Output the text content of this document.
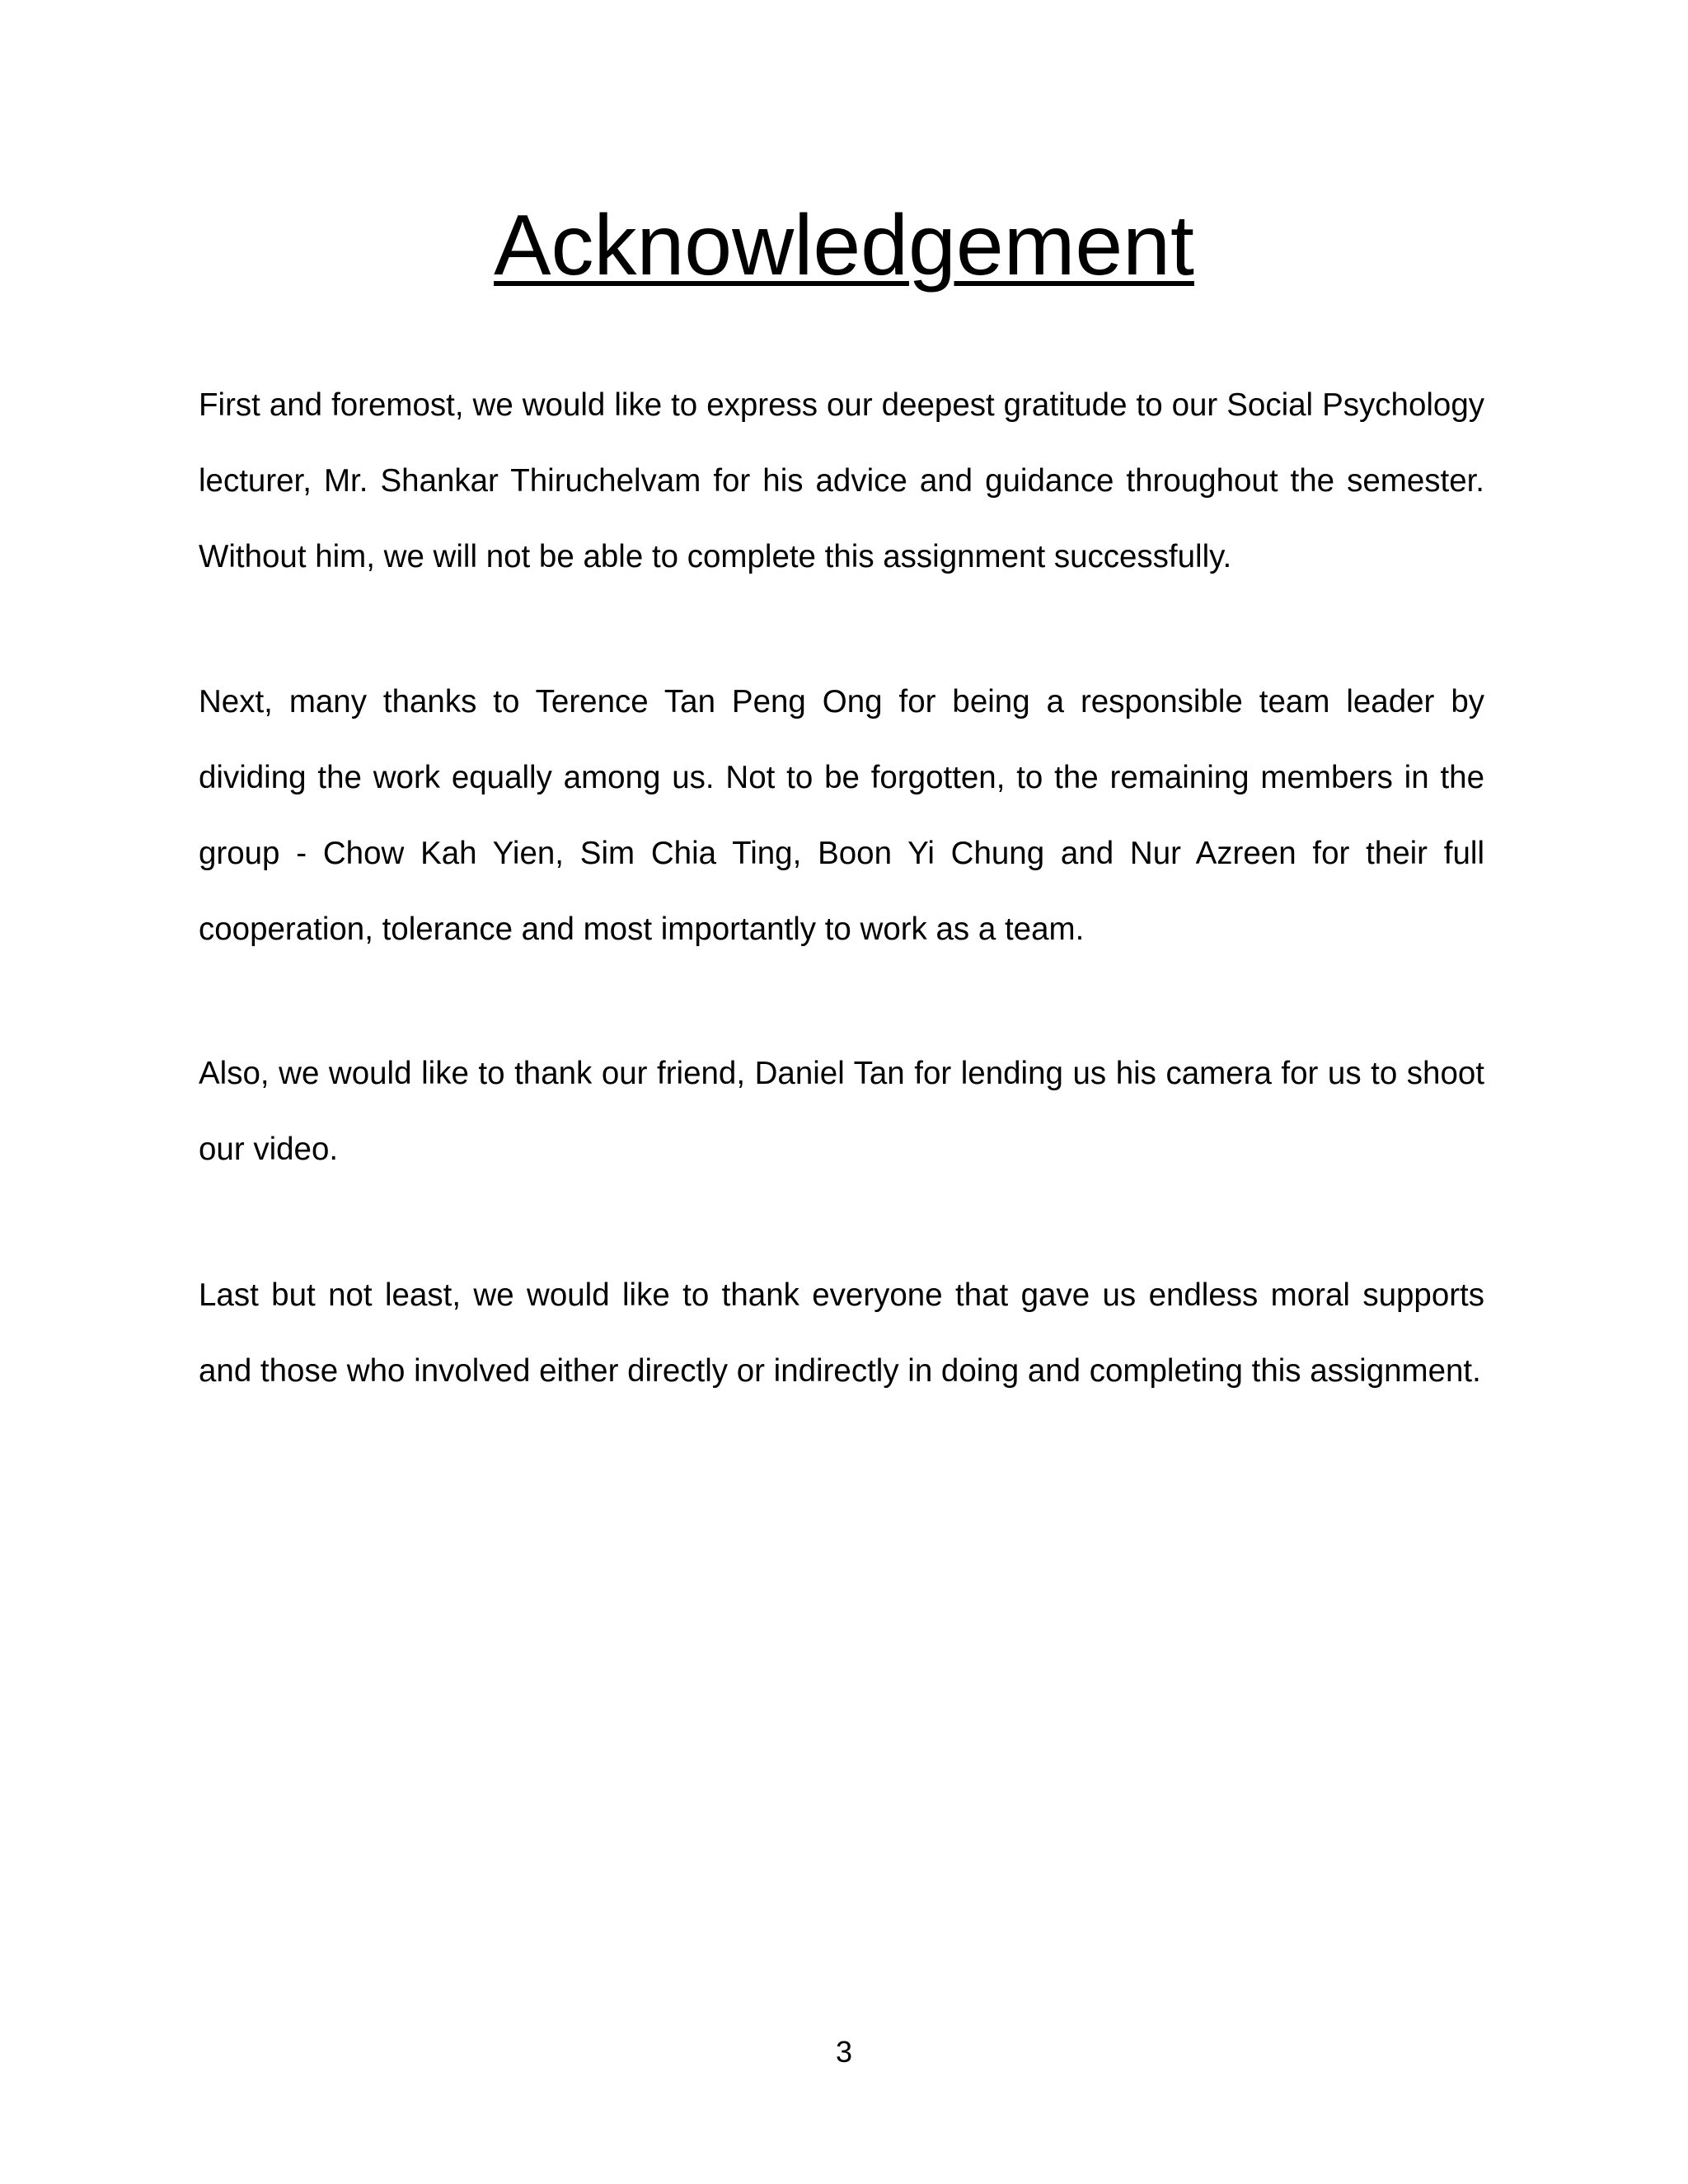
Acknowledgement

First and foremost, we would like to express our deepest gratitude to our Social Psychology lecturer, Mr. Shankar Thiruchelvam for his advice and guidance throughout the semester. Without him, we will not be able to complete this assignment successfully.

Next, many thanks to Terence Tan Peng Ong for being a responsible team leader by dividing the work equally among us. Not to be forgotten, to the remaining members in the group - Chow Kah Yien, Sim Chia Ting, Boon Yi Chung and Nur Azreen for their full cooperation, tolerance and most importantly to work as a team.

Also, we would like to thank our friend, Daniel Tan for lending us his camera for us to shoot our video.

Last but not least, we would like to thank everyone that gave us endless moral supports and those who involved either directly or indirectly in doing and completing this assignment.

3
